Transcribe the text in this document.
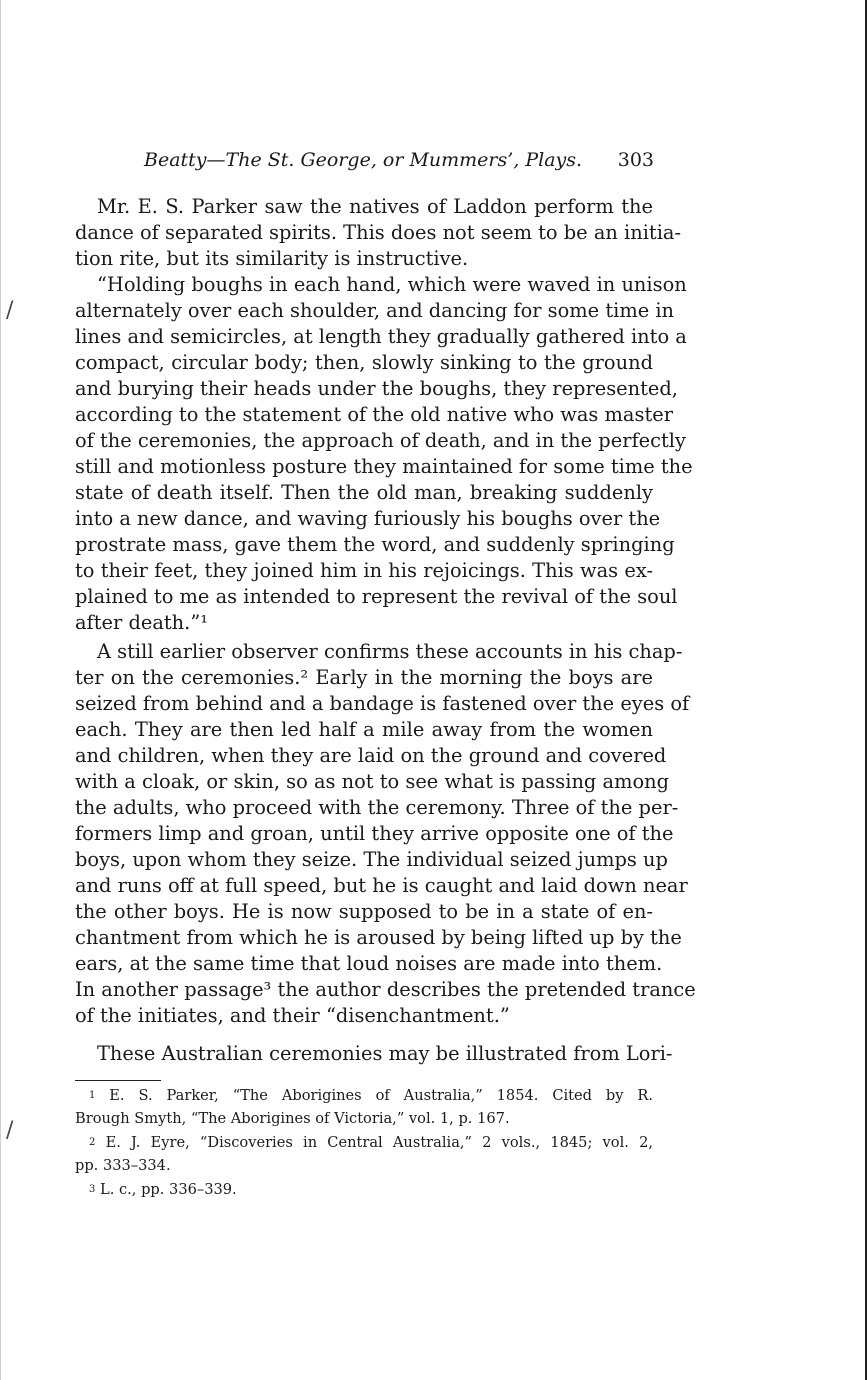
/
/
Beatty—The St. George, or Mummers’, Plays. 303
Mr. E. S. Parker saw the natives of Laddon perform the
dance of separated spirits. This does not seem to be an initia-
tion rite, but its similarity is instructive.
“Holding boughs in each hand, which were waved in unison
alternately over each shoulder, and dancing for some time in
lines and semicircles, at length they gradually gathered into a
compact, circular body; then, slowly sinking to the ground
and burying their heads under the boughs, they represented,
according to the statement of the old native who was master
of the ceremonies, the approach of death, and in the perfectly
still and motionless posture they maintained for some time the
state of death itself. Then the old man, breaking suddenly
into a new dance, and waving furiously his boughs over the
prostrate mass, gave them the word, and suddenly springing
to their feet, they joined him in his rejoicings. This was ex-
plained to me as intended to represent the revival of the soul
after death.”¹
A still earlier observer confirms these accounts in his chap-
ter on the ceremonies.² Early in the morning the boys are
seized from behind and a bandage is fastened over the eyes of
each. They are then led half a mile away from the women
and children, when they are laid on the ground and covered
with a cloak, or skin, so as not to see what is passing among
the adults, who proceed with the ceremony. Three of the per-
formers limp and groan, until they arrive opposite one of the
boys, upon whom they seize. The individual seized jumps up
and runs off at full speed, but he is caught and laid down near
the other boys. He is now supposed to be in a state of en-
chantment from which he is aroused by being lifted up by the
ears, at the same time that loud noises are made into them.
In another passage³ the author describes the pretended trance
of the initiates, and their “disenchantment.”
These Australian ceremonies may be illustrated from Lori-
1 E. S. Parker, “The Aborigines of Australia,” 1854. Cited by R.
Brough Smyth, “The Aborigines of Victoria,” vol. 1, p. 167.
2 E. J. Eyre, “Discoveries in Central Australia,” 2 vols., 1845; vol. 2,
pp. 333–334.
3 L. c., pp. 336–339.
